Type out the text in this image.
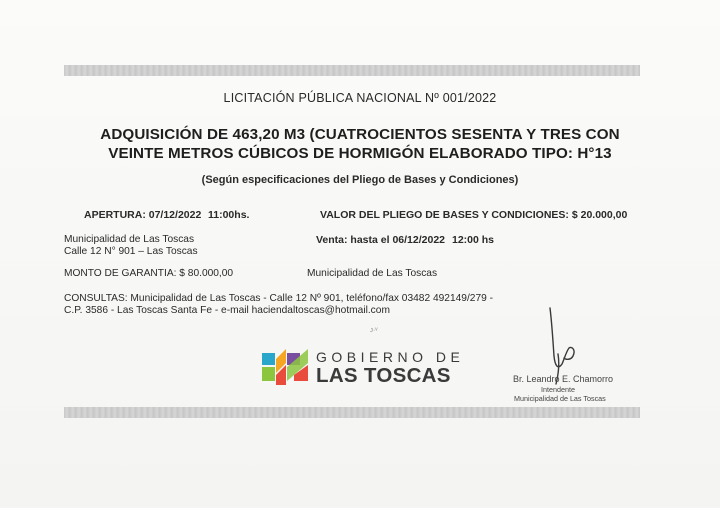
LICITACIÓN PÚBLICA NACIONAL Nº 001/2022
ADQUISICIÓN DE 463,20 M3 (CUATROCIENTOS SESENTA Y TRES CON
VEINTE METROS CÚBICOS DE HORMIGÓN ELABORADO TIPO: H°13
(Según especificaciones del Pliego de Bases y Condiciones)
APERTURA: 07/12/2022 11:00hs.	VALOR DEL PLIEGO DE BASES Y CONDICIONES: $ 20.000,00
Municipalidad de Las Toscas
Calle 12 N° 901 – Las Toscas
Venta: hasta el 06/12/2022 12:00 hs
MONTO DE GARANTIA: $ 80.000,00	Municipalidad de Las Toscas
CONSULTAS: Municipalidad de Las Toscas - Calle 12 Nº 901, teléfono/fax 03482 492149/279 -
C.P. 3586 - Las Toscas Santa Fe - e-mail haciendaltoscas@hotmail.com
ᴊ·ᵛ
GOBIERNO DE
LAS TOSCAS	Br. Leandro E. Chamorro
Intendente
Municipalidad de Las Toscas
